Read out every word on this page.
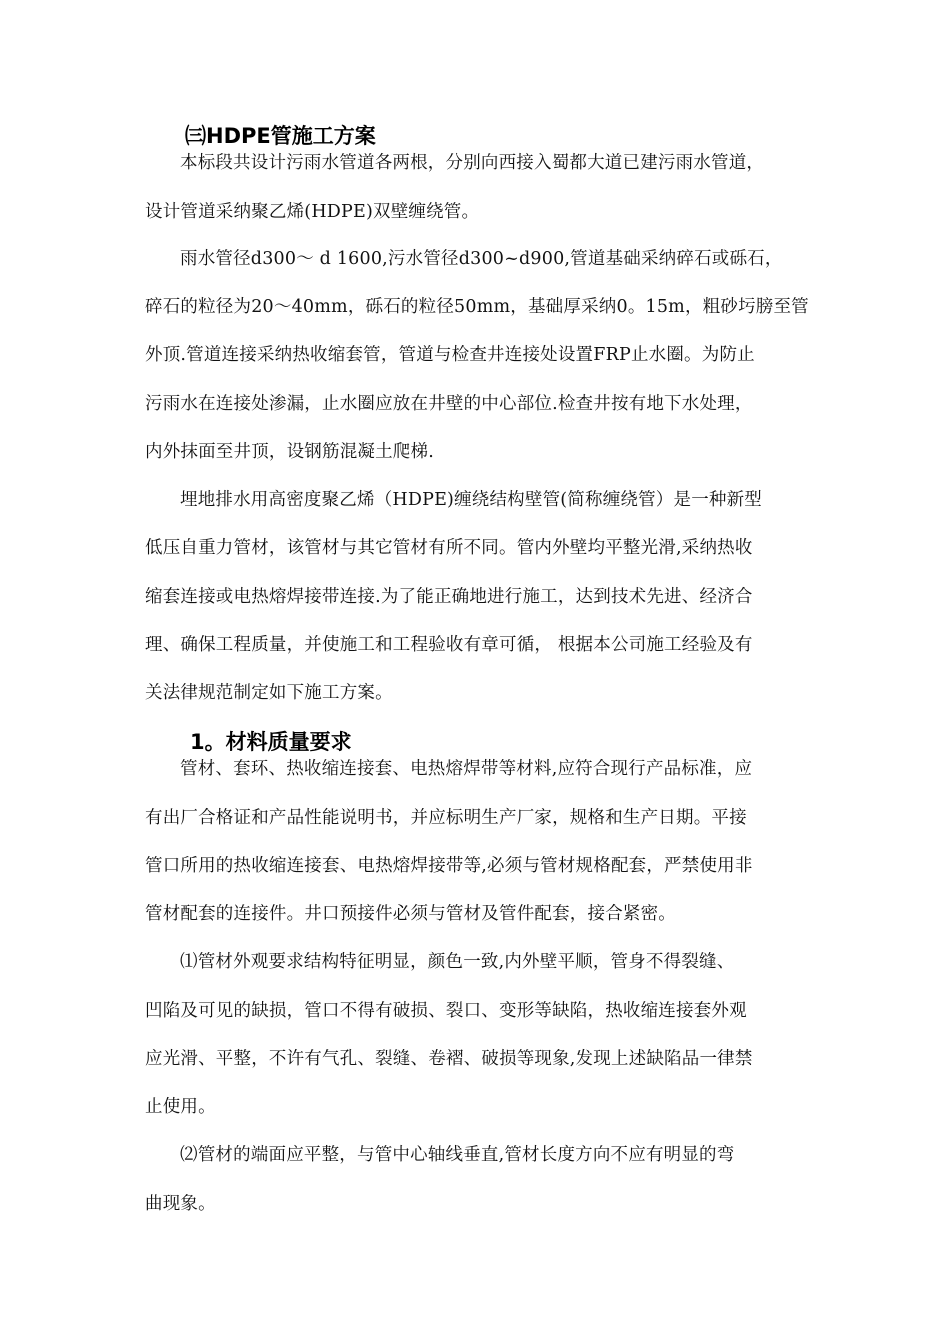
㈢HDPE管施工方案
本标段共设计污雨水管道各两根，分别向西接入蜀都大道已建污雨水管道，
设计管道采纳聚乙烯(HDPE)双壁缠绕管。
雨水管径d300～ d 1600,污水管径d300~d900,管道基础采纳碎石或砾石，
碎石的粒径为20～40mm，砾石的粒径50mm，基础厚采纳0。15m，粗砂圬膀至管
外顶.管道连接采纳热收缩套管，管道与检查井连接处设置FRP止水圈。为防止
污雨水在连接处渗漏，止水圈应放在井壁的中心部位.检查井按有地下水处理，
内外抹面至井顶，设钢筋混凝土爬梯.
埋地排水用高密度聚乙烯（HDPE)缠绕结构壁管(简称缠绕管）是一种新型
低压自重力管材，该管材与其它管材有所不同。管内外壁均平整光滑,采纳热收
缩套连接或电热熔焊接带连接.为了能正确地进行施工，达到技术先进、经济合
理、确保工程质量，并使施工和工程验收有章可循， 根据本公司施工经验及有
关法律规范制定如下施工方案。
1。材料质量要求
管材、套环、热收缩连接套、电热熔焊带等材料,应符合现行产品标准，应
有出厂合格证和产品性能说明书，并应标明生产厂家，规格和生产日期。平接
管口所用的热收缩连接套、电热熔焊接带等,必须与管材规格配套，严禁使用非
管材配套的连接件。井口预接件必须与管材及管件配套，接合紧密。
⑴管材外观要求结构特征明显，颜色一致,内外壁平顺，管身不得裂缝、
凹陷及可见的缺损，管口不得有破损、裂口、变形等缺陷，热收缩连接套外观
应光滑、平整，不许有气孔、裂缝、卷褶、破损等现象,发现上述缺陷品一律禁
止使用。
⑵管材的端面应平整，与管中心轴线垂直,管材长度方向不应有明显的弯
曲现象。
